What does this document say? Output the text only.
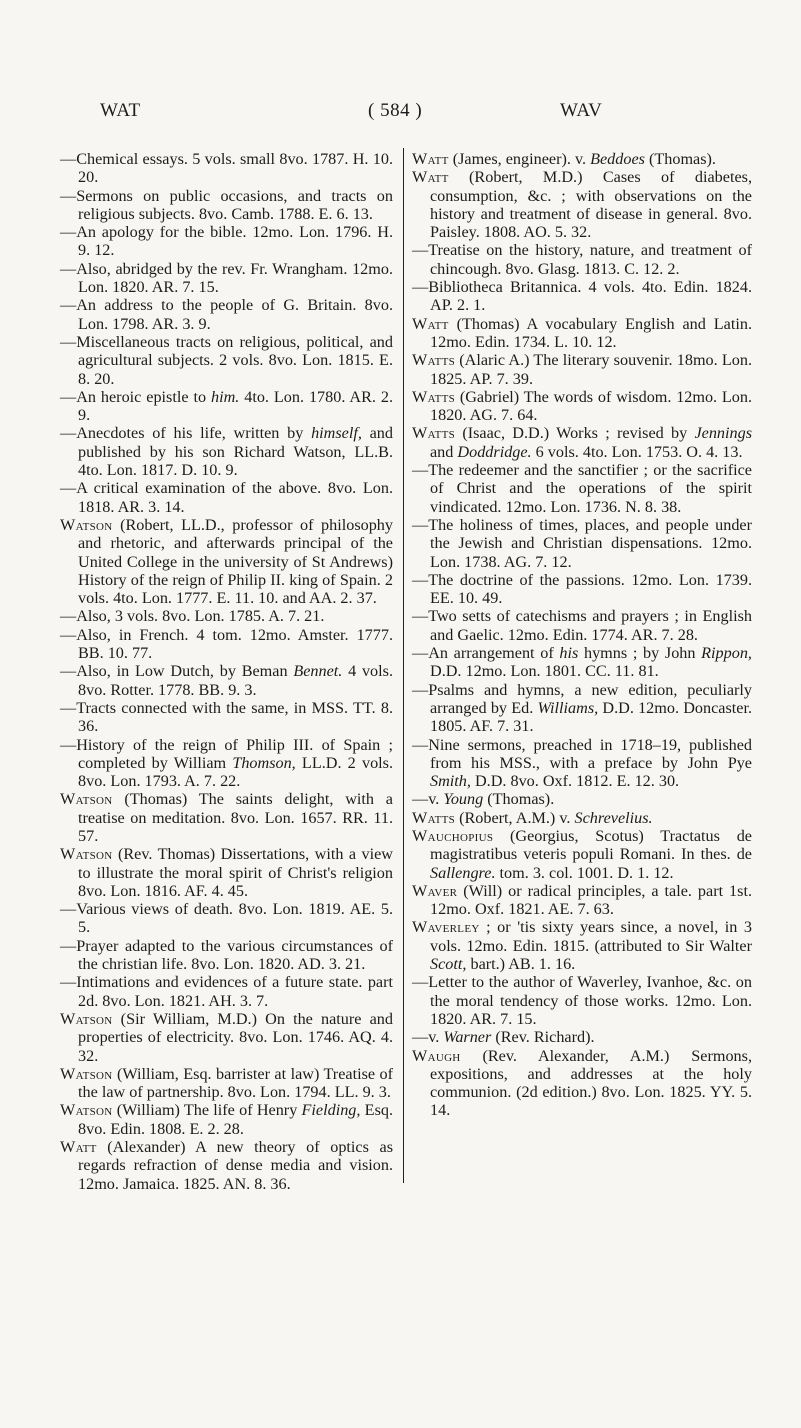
WAT	( 584 )	WAV

—Chemical essays. 5 vols. small 8vo. 1787. H. 10. 20.

—Sermons on public occasions, and tracts on religious subjects. 8vo. Camb. 1788. E. 6. 13.

—An apology for the bible. 12mo. Lon. 1796. H. 9. 12.

—Also, abridged by the rev. Fr. Wrangham. 12mo. Lon. 1820. AR. 7. 15.

—An address to the people of G. Britain. 8vo. Lon. 1798. AR. 3. 9.

—Miscellaneous tracts on religious, political, and agricultural subjects. 2 vols. 8vo. Lon. 1815. E. 8. 20.

—An heroic epistle to him. 4to. Lon. 1780. AR. 2. 9.

—Anecdotes of his life, written by himself, and published by his son Richard Watson, LL.B. 4to. Lon. 1817. D. 10. 9.

—A critical examination of the above. 8vo. Lon. 1818. AR. 3. 14.

Watson (Robert, LL.D., professor of philosophy and rhetoric, and afterwards principal of the United College in the university of St Andrews) History of the reign of Philip II. king of Spain. 2 vols. 4to. Lon. 1777. E. 11. 10. and AA. 2. 37.

—Also, 3 vols. 8vo. Lon. 1785. A. 7. 21.

—Also, in French. 4 tom. 12mo. Amster. 1777. BB. 10. 77.

—Also, in Low Dutch, by Beman Bennet. 4 vols. 8vo. Rotter. 1778. BB. 9. 3.

—Tracts connected with the same, in MSS. TT. 8. 36.

—History of the reign of Philip III. of Spain ; completed by William Thomson, LL.D. 2 vols. 8vo. Lon. 1793. A. 7. 22.

Watson (Thomas) The saints delight, with a treatise on meditation. 8vo. Lon. 1657. RR. 11. 57.

Watson (Rev. Thomas) Dissertations, with a view to illustrate the moral spirit of Christ's religion 8vo. Lon. 1816. AF. 4. 45.

—Various views of death. 8vo. Lon. 1819. AE. 5. 5.

—Prayer adapted to the various circumstances of the christian life. 8vo. Lon. 1820. AD. 3. 21.

—Intimations and evidences of a future state. part 2d. 8vo. Lon. 1821. AH. 3. 7.

Watson (Sir William, M.D.) On the nature and properties of electricity. 8vo. Lon. 1746. AQ. 4. 32.

Watson (William, Esq. barrister at law) Treatise of the law of partnership. 8vo. Lon. 1794. LL. 9. 3.

Watson (William) The life of Henry Fielding, Esq. 8vo. Edin. 1808. E. 2. 28.

Watt (Alexander) A new theory of optics as regards refraction of dense media and vision. 12mo. Jamaica. 1825. AN. 8. 36.

Watt (James, engineer). v. Beddoes (Thomas).

Watt (Robert, M.D.) Cases of diabetes, consumption, &c. ; with observations on the history and treatment of disease in general. 8vo. Paisley. 1808. AO. 5. 32.

—Treatise on the history, nature, and treatment of chincough. 8vo. Glasg. 1813. C. 12. 2.

—Bibliotheca Britannica. 4 vols. 4to. Edin. 1824. AP. 2. 1.

Watt (Thomas) A vocabulary English and Latin. 12mo. Edin. 1734. L. 10. 12.

Watts (Alaric A.) The literary souvenir. 18mo. Lon. 1825. AP. 7. 39.

Watts (Gabriel) The words of wisdom. 12mo. Lon. 1820. AG. 7. 64.

Watts (Isaac, D.D.) Works ; revised by Jennings and Doddridge. 6 vols. 4to. Lon. 1753. O. 4. 13.

—The redeemer and the sanctifier ; or the sacrifice of Christ and the operations of the spirit vindicated. 12mo. Lon. 1736. N. 8. 38.

—The holiness of times, places, and people under the Jewish and Christian dispensations. 12mo. Lon. 1738. AG. 7. 12.

—The doctrine of the passions. 12mo. Lon. 1739. EE. 10. 49.

—Two setts of catechisms and prayers ; in English and Gaelic. 12mo. Edin. 1774. AR. 7. 28.

—An arrangement of his hymns ; by John Rippon, D.D. 12mo. Lon. 1801. CC. 11. 81.

—Psalms and hymns, a new edition, peculiarly arranged by Ed. Williams, D.D. 12mo. Doncaster. 1805. AF. 7. 31.

—Nine sermons, preached in 1718–19, published from his MSS., with a preface by John Pye Smith, D.D. 8vo. Oxf. 1812. E. 12. 30.

—v. Young (Thomas).

Watts (Robert, A.M.) v. Schrevelius.

Wauchopius (Georgius, Scotus) Tractatus de magistratibus veteris populi Romani. In thes. de Sallengre. tom. 3. col. 1001. D. 1. 12.

Waver (Will) or radical principles, a tale. part 1st. 12mo. Oxf. 1821. AE. 7. 63.

Waverley ; or 'tis sixty years since, a novel, in 3 vols. 12mo. Edin. 1815. (attributed to Sir Walter Scott, bart.) AB. 1. 16.

—Letter to the author of Waverley, Ivanhoe, &c. on the moral tendency of those works. 12mo. Lon. 1820. AR. 7. 15.

—v. Warner (Rev. Richard).

Waugh (Rev. Alexander, A.M.) Sermons, expositions, and addresses at the holy communion. (2d edition.) 8vo. Lon. 1825. YY. 5. 14.
